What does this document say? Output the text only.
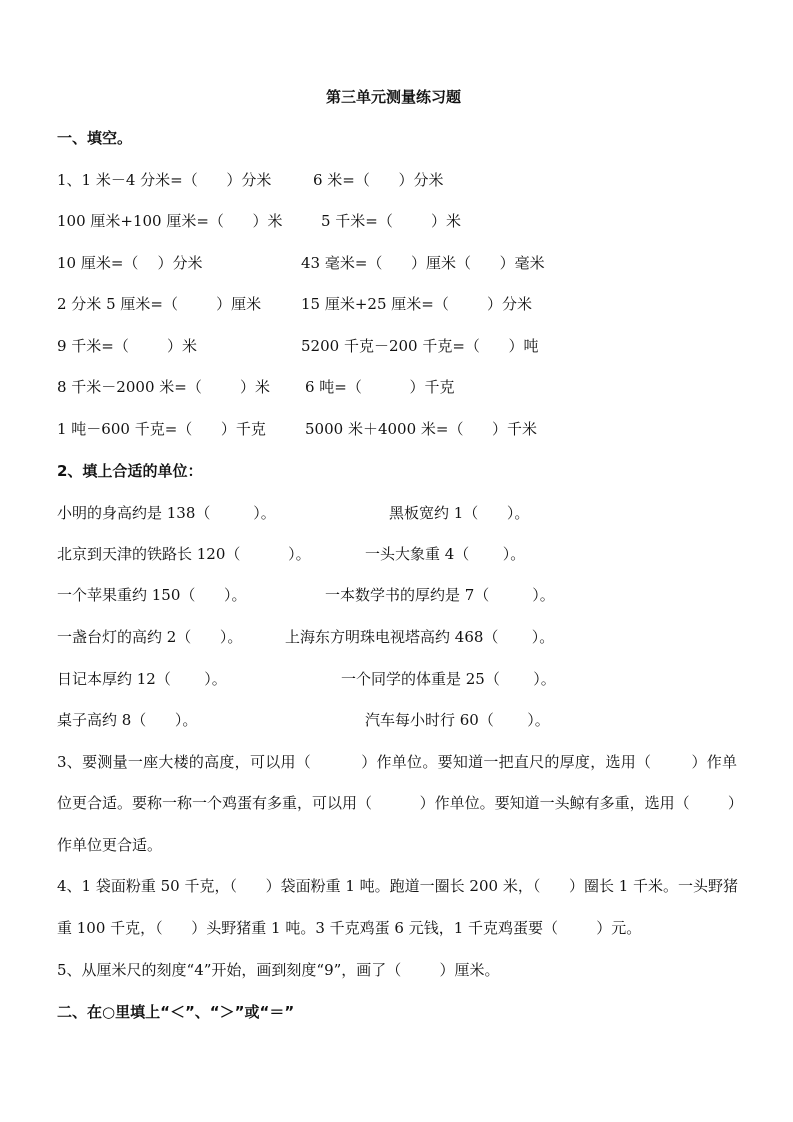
第三单元测量练习题
一、填空。
1、1 米－4 分米=（      ）分米	6 米=（      ）分米
100 厘米+100 厘米=（      ）米	5 千米=（        ）米
10 厘米=（    ）分米	43 毫米=（      ）厘米（      ）毫米
2 分米 5 厘米=（        ）厘米	15 厘米+25 厘米=（        ）分米
9 千米=（        ）米	5200 千克－200 千克=（      ）吨
8 千米－2000 米=（        ）米 6 吨=（          ）千克
1 吨－600 千克=（      ）千克	5000 米＋4000 米=（      ）千米
2、填上合适的单位：
小明的身高约是 138（         ）。	黑板宽约 1（      ）。
北京到天津的铁路长 120（          ）。	一头大象重 4（       ）。
一个苹果重约 150（      ）。	一本数学书的厚约是 7（         ）。
一盏台灯的高约 2（      ）。	上海东方明珠电视塔高约 468（       ）。
日记本厚约 12（       ）。	一个同学的体重是 25（       ）。
桌子高约 8（      ）。	汽车每小时行 60（       ）。
3、要测量一座大楼的高度，可以用（          ）作单位。要知道一把直尺的厚度，选用（        ）作单
位更合适。要称一称一个鸡蛋有多重，可以用（          ）作单位。要知道一头鲸有多重，选用（        ）
作单位更合适。
4、1 袋面粉重 50 千克，（      ）袋面粉重 1 吨。跑道一圈长 200 米，（      ）圈长 1 千米。一头野猪
重 100 千克，（      ）头野猪重 1 吨。3 千克鸡蛋 6 元钱，1 千克鸡蛋要（        ）元。
5、从厘米尺的刻度“4”开始，画到刻度“9”，画了（        ）厘米。
二、在○里填上“＜”、“＞”或“＝”
